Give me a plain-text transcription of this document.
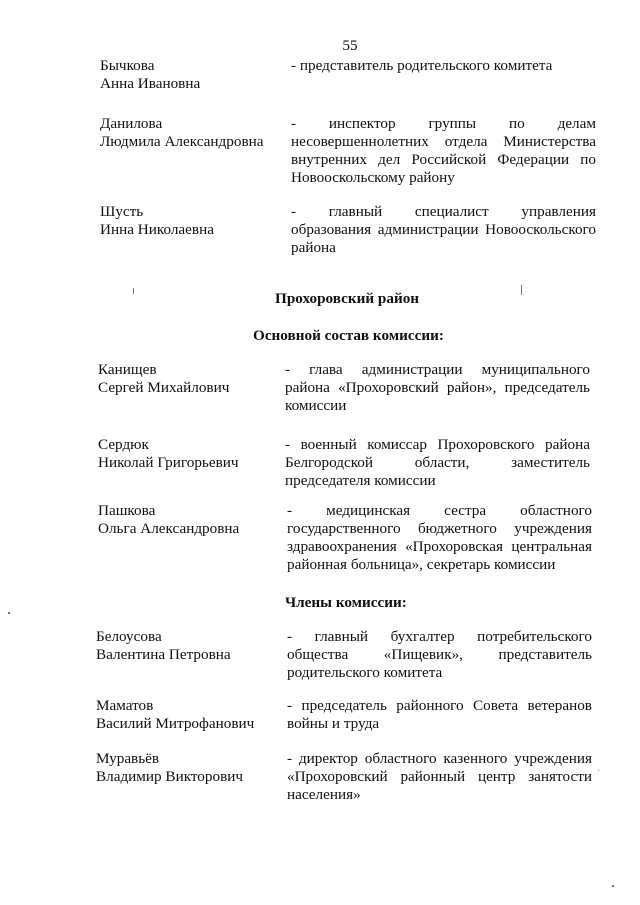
55
Бычкова
Анна Ивановна
- представитель родительского комитета
Данилова
Людмила Александровна
- инспектор группы по делам
несовершеннолетних отдела Министерства
внутренних дел Российской Федерации по
Новооскольскому району
Шусть
Инна Николаевна
- главный специалист управления
образования администрации Новооскольского
района
Прохоровский район
Основной состав комиссии:
Канищев
Сергей Михайлович
- глава администрации муниципального
района «Прохоровский район», председатель
комиссии
Сердюк
Николай Григорьевич
- военный комиссар Прохоровского района
Белгородской	области,	заместитель
председателя комиссии
Пашкова
Ольга Александровна
- медицинская сестра областного
государственного бюджетного учреждения
здравоохранения «Прохоровская центральная
районная больница», секретарь комиссии
Члены комиссии:
Белоусова
Валентина Петровна
- главный бухгалтер потребительского
общества «Пищевик», представитель
родительского комитета
Маматов
Василий Митрофанович
- председатель районного Совета ветеранов
войны и труда
Муравьёв
Владимир Викторович
- директор областного казенного учреждения
«Прохоровский районный центр занятости
населения»
